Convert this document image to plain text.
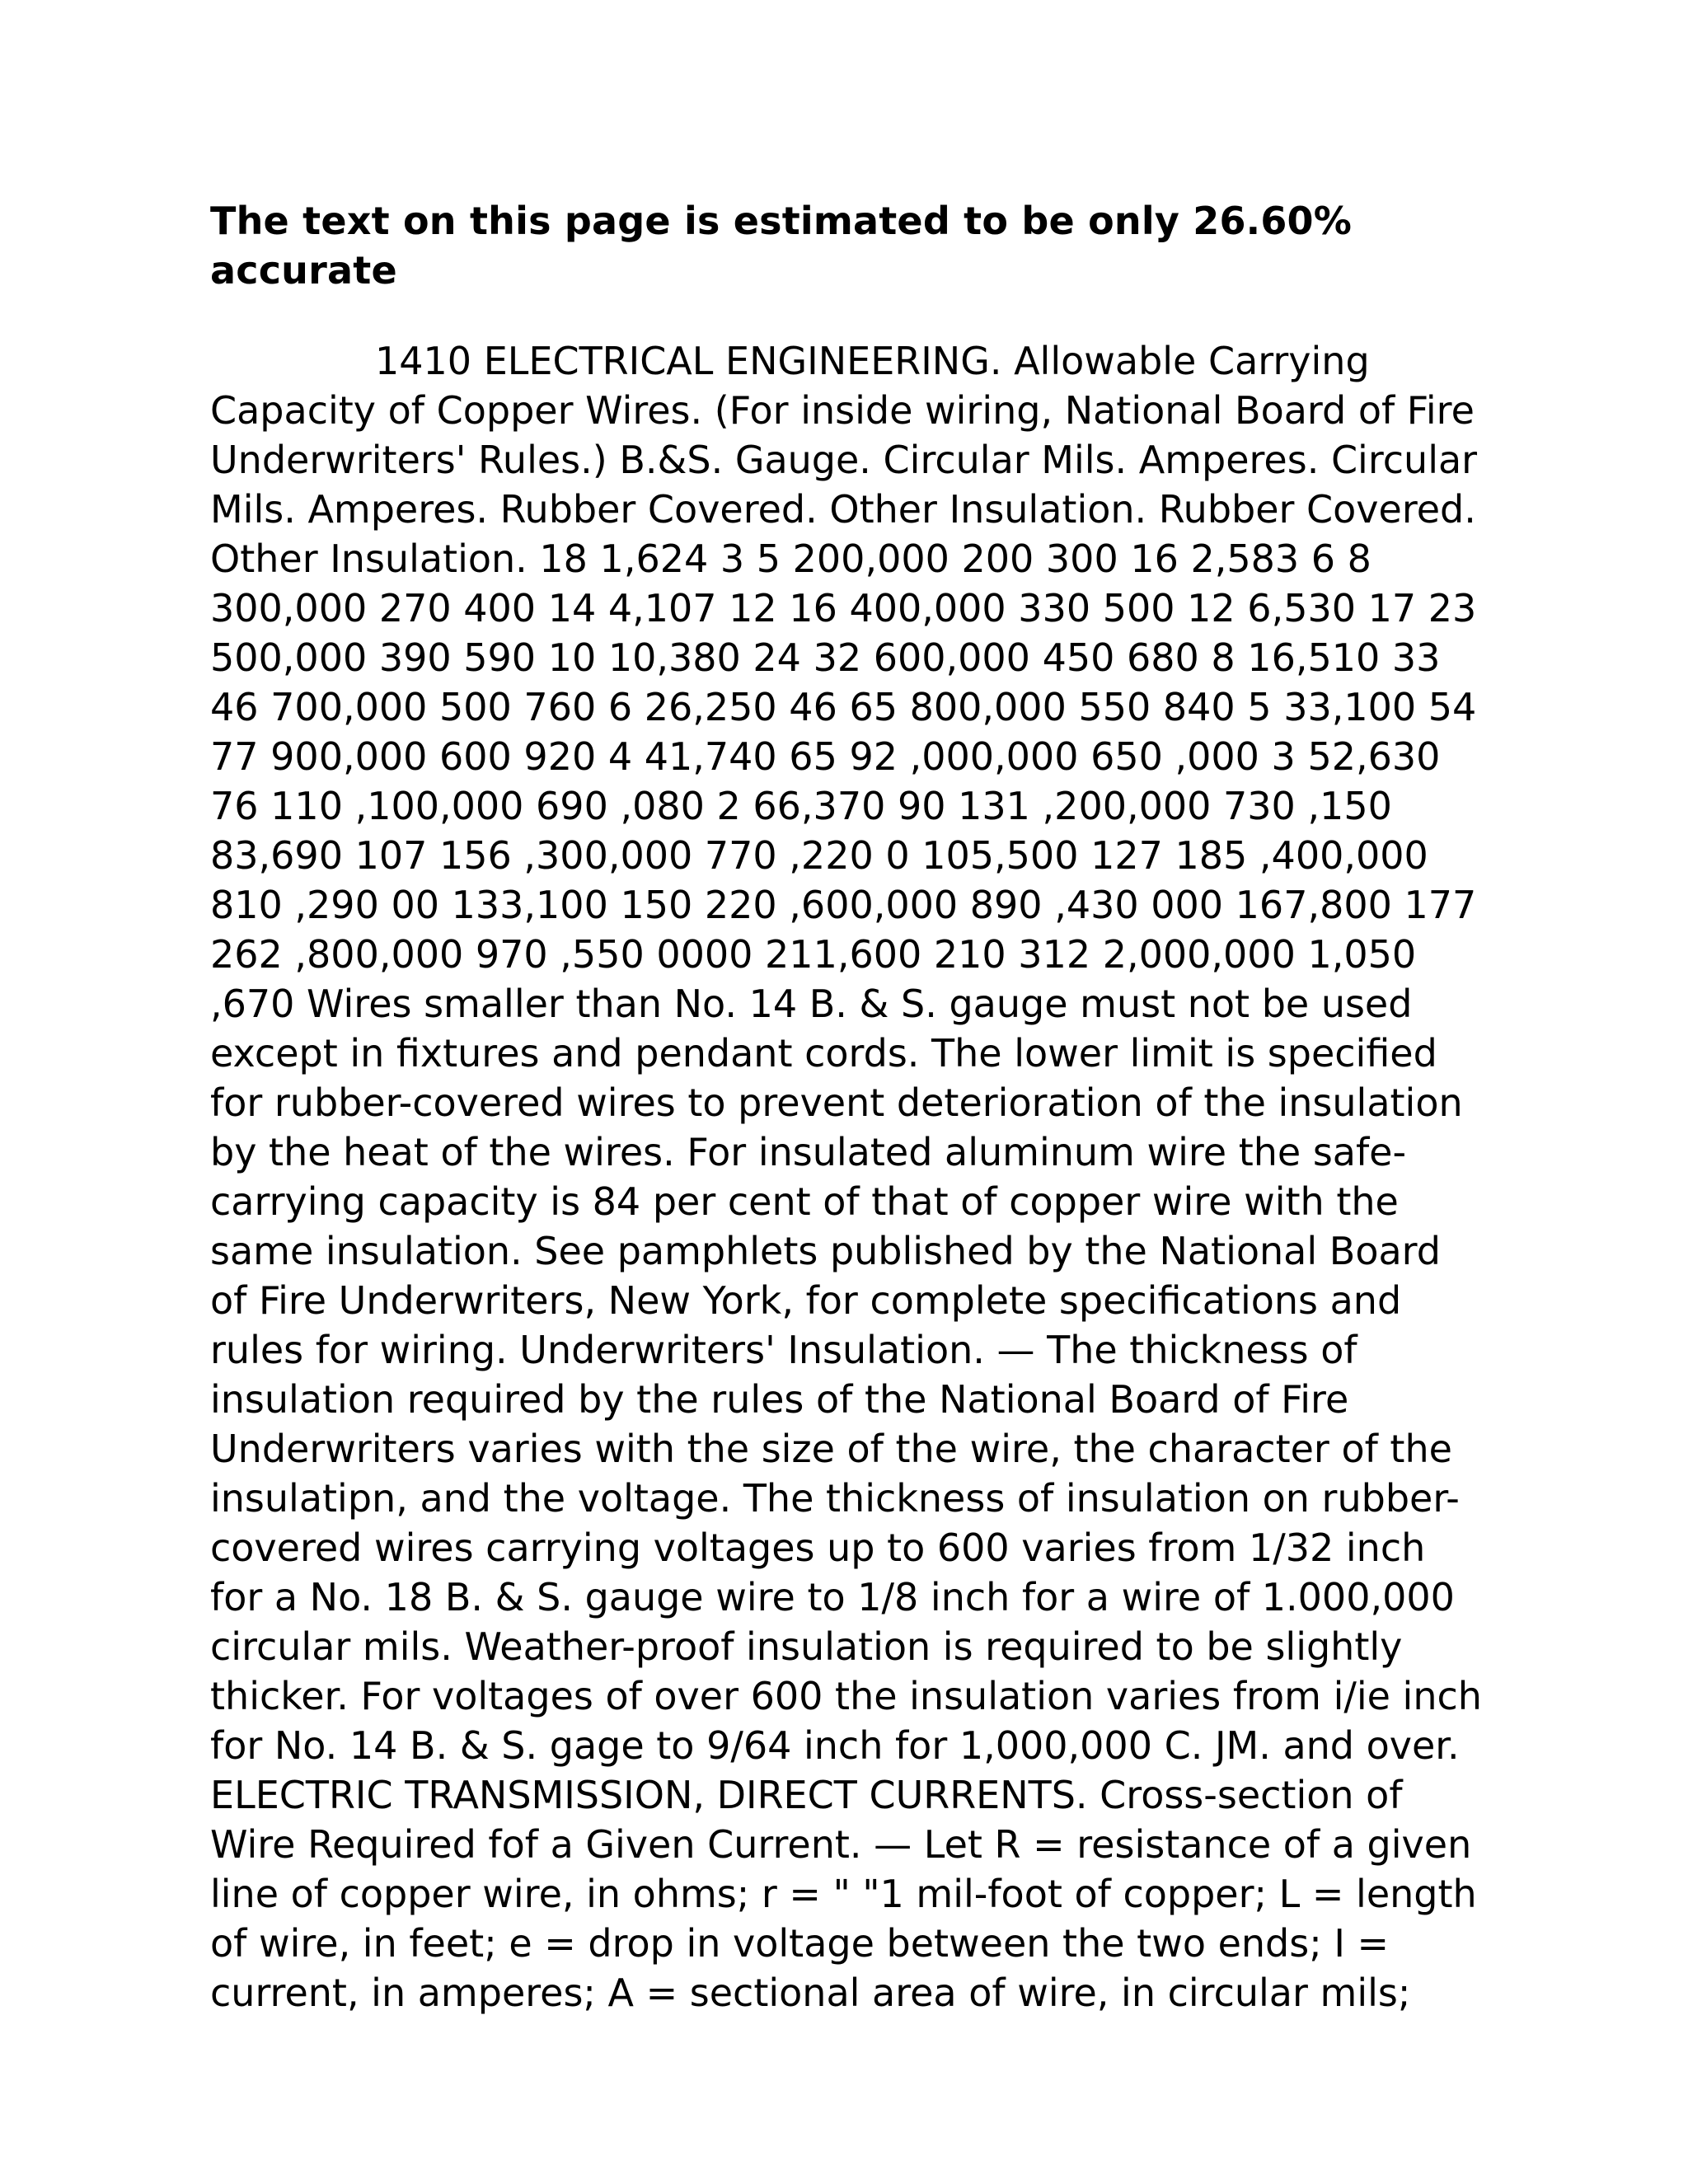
The text on this page is estimated to be only 26.60% accurate

1410 ELECTRICAL ENGINEERING. Allowable Carrying Capacity of Copper Wires. (For inside wiring, National Board of Fire Underwriters' Rules.) B.&S. Gauge. Circular Mils. Amperes. Circular Mils. Amperes. Rubber Covered. Other Insulation. Rubber Covered. Other Insulation. 18 1,624 3 5 200,000 200 300 16 2,583 6 8 300,000 270 400 14 4,107 12 16 400,000 330 500 12 6,530 17 23 500,000 390 590 10 10,380 24 32 600,000 450 680 8 16,510 33 46 700,000 500 760 6 26,250 46 65 800,000 550 840 5 33,100 54 77 900,000 600 920 4 41,740 65 92 ,000,000 650 ,000 3 52,630 76 110 ,100,000 690 ,080 2 66,370 90 131 ,200,000 730 ,150 83,690 107 156 ,300,000 770 ,220 0 105,500 127 185 ,400,000 810 ,290 00 133,100 150 220 ,600,000 890 ,430 000 167,800 177 262 ,800,000 970 ,550 0000 211,600 210 312 2,000,000 1,050 ,670 Wires smaller than No. 14 B. & S. gauge must not be used except in fixtures and pendant cords. The lower limit is specified for rubber-covered wires to prevent deterioration of the insulation by the heat of the wires. For insulated aluminum wire the safe-carrying capacity is 84 per cent of that of copper wire with the same insulation. See pamphlets published by the National Board of Fire Underwriters, New York, for complete specifications and rules for wiring. Underwriters' Insulation. — The thickness of insulation required by the rules of the National Board of Fire Underwriters varies with the size of the wire, the character of the insulatipn, and the voltage. The thickness of insulation on rubber-covered wires carrying voltages up to 600 varies from 1/32 inch for a No. 18 B. & S. gauge wire to 1/8 inch for a wire of 1.000,000 circular mils. Weather-proof insulation is required to be slightly thicker. For voltages of over 600 the insulation varies from i/ie inch for No. 14 B. & S. gage to 9/64 inch for 1,000,000 C. JM. and over. ELECTRIC TRANSMISSION, DIRECT CURRENTS. Cross-section of Wire Required fof a Given Current. — Let R = resistance of a given line of copper wire, in ohms; r = " "1 mil-foot of copper; L = length of wire, in feet; e = drop in voltage between the two ends; I = current, in amperes; A = sectional area of wire, in circular mils;
